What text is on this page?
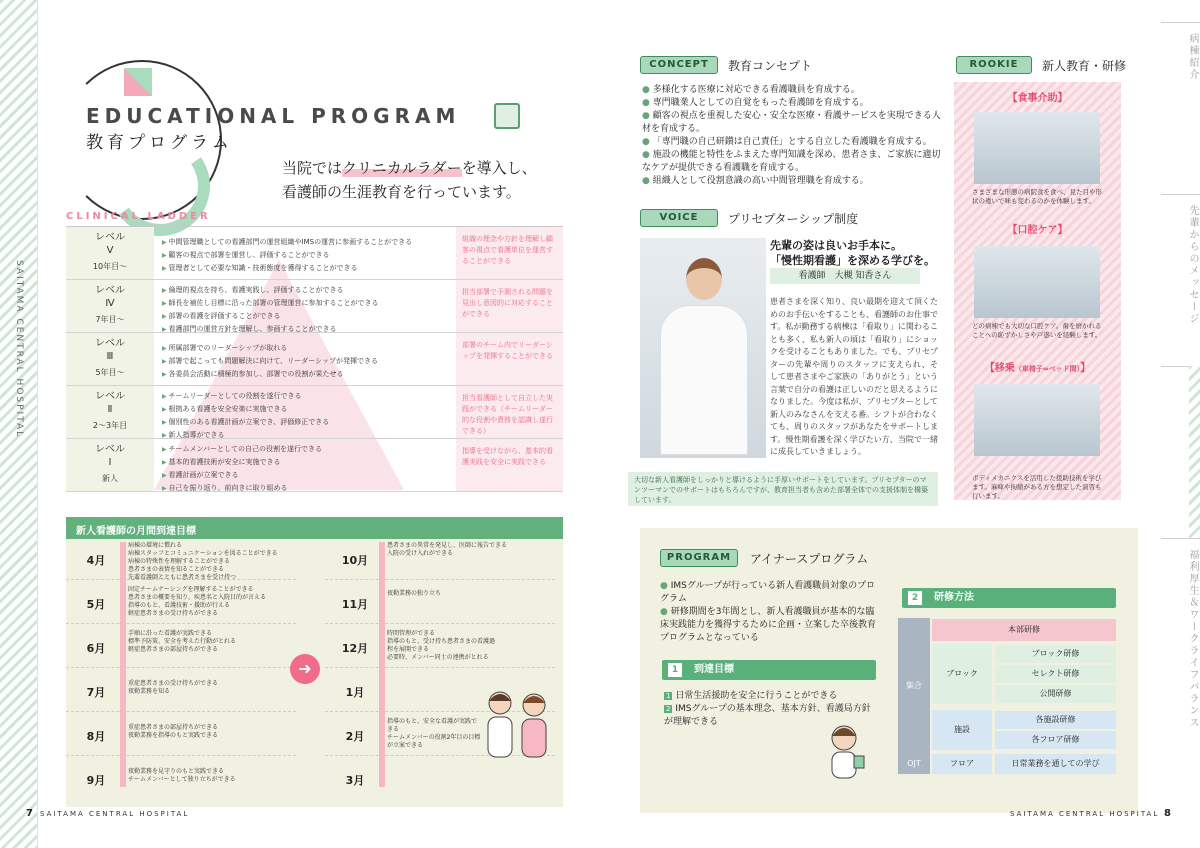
SAITAMA CENTRAL HOSPITAL
EDUCATIONAL PROGRAM
教育プログラム
当院ではクリニカルラダーを導入し、
看護師の生涯教育を行っています。
CLINICAL LADDER
レベル
Ⅴ
10年目～
▶ 中間管理職としての看護部門の運営組織やIMSの運営に参画することができる
▶ 顧客の視点で部署を運営し、評価することができる
▶ 管理者として必要な知識・技術態度を獲得することができる
組織の理念や方針を理解し顧客の視点で看護単位を運営することができる
レベル
Ⅳ
7年目～
▶ 倫理的視点を持ち、看護実践し、評価することができる
▶ 師長を補佐し目標に沿った部署の管理運営に参加することができる
▶ 部署の看護を評価することができる
▶ 看護部門の運営方針を理解し、参画することができる
担当部署で予測される問題を見出し意図的に対応することができる
レベル
Ⅲ
5年目～
▶ 所属部署でのリーダーシップが取れる
▶ 部署で起こっても問題解決に向けて、リーダーシップが発揮できる
▶ 各委員会活動に積極的参加し、部署での役割が果たせる
部署のチーム内でリーダーシップを発揮することができる
レベル
Ⅱ
2～3年目
▶ チームリーダーとしての役割を遂行できる
▶ 根拠ある看護を安全安楽に実施できる
▶ 個別性のある看護計画が立案でき、評価修正できる
▶ 新人指導ができる
担当看護師として自立した実践ができる（チームリーダー的な役割や責務を認識し遂行できる）
レベル
Ⅰ
新人
▶ チームメンバーとしての自己の役割を遂行できる
▶ 基本的看護技術が安全に実施できる
▶ 看護計画が立案できる
▶ 自己を振り返り、前向きに取り組める
指導を受けながら、基本的看護実践を安全に実践できる
新人看護師の月間到達目標
4月
病棟の環境に慣れる
病棟スタッフとコミュニケーションを図ることができる
病棟の特殊性を理解することができる
患者さまの表情を知ることができる
先輩看護師とともに患者さまを受け持つ
5月
固定チームナーシングを理解することができる
患者さまの概要を知り、疾患名と入院目的が言える
指導のもと、看護技術・援助が行える
軽症患者さまの受け持ちができる
6月
手順に沿った看護が実践できる
標準予防策、安全を考えた行動がとれる
軽症患者さまの部屋持ちができる
7月
重症患者さまの受け持ちができる
夜勤業務を知る
8月
重症患者さまの部屋持ちができる
夜勤業務を指導のもと実践できる
9月
夜勤業務を見守りのもと実践できる
チームメンバーとして独り立ちができる
➜
10月
患者さまの異常を発見し、医師に報告できる
入院の受け入れができる
11月
夜勤業務の独り立ち
12月
時間管理ができる
指導のもと、受け持ち患者さまの看護過程を展開できる
必要時、メンバー同士の連携がとれる
1月
2月
指導のもと、安全な看護が実践できる
チームメンバーの役割2年目の目標が立案できる
3月
7 SAITAMA CENTRAL HOSPITAL
CONCEPT	教育コンセプト
● 多様化する医療に対応できる看護職員を育成する。
● 専門職業人としての自覚をもった看護師を育成する。
● 顧客の視点を重視した安心・安全な医療・看護サービスを実現できる人材を育成する。
● 「専門職の自己研鑚は自己責任」とする自立した看護職を育成する。
● 施設の機能と特性をふまえた専門知識を深め、患者さま、ご家族に適切なケアが提供できる看護職を育成する。
● 組織人として役割意識の高い中間管理職を育成する。
VOICE	プリセプターシップ制度
先輩の姿は良いお手本に。
「慢性期看護」を深める学びを。
看護師　大槻 知香さん
患者さまを深く知り、良い最期を迎えて頂くためのお手伝いをすることも、看護師のお仕事です。私が勤務する病棟は「看取り」に関わることも多く、私も新人の頃は「看取り」にショックを受けることもありました。でも、プリセプターの先輩や周りのスタッフに支えられ、そして患者さまやご家族の「ありがとう」という言葉で自分の看護は正しいのだと思えるようになりました。今度は私が、プリセプターとして新人のみなさんを支える番。シフトが合わなくても、周りのスタッフがあなたをサポートします。慢性期看護を深く学びたい方、当院で一緒に成長していきましょう。
大切な新人看護師をしっかりと導けるように手厚いサポートをしています。プリセプターのマンツーマンでのサポートはもちろんですが、教育担当者も含めた部署全体での支援体制を構築しています。
ROOKIE	新人教育・研修
【食事介助】
さまざまな形態の病院食を食べ、見た目や形状の違いで味も変わるのかを体験します。
【口腔ケア】
どの病棟でも大切な口腔ケア。歯を磨かれることへの恥ずかしさや戸惑いを経験します。
【移乗（車椅子⇔ベッド間）】
ボディメカニクスを活用した援助技術を学びます。麻痺や拘縮がある方を想定した演習も行います。
PROGRAM	アイナースプログラム
● IMSグループが行っている新人看護職員対象のプログラム
● 研修期間を3年間とし、新人看護職員が基本的な臨床実践能力を獲得するために企画・立案した卒後教育プログラムとなっている
1	到達目標
1 日常生活援助を安全に行うことができる
2 IMSグループの基本理念、基本方針、看護局方針が理解できる
2	研修方法
集合
本部研修
ブロック
ブロック研修
セレクト研修
公開研修
施設
各施設研修
各フロア研修
OJT	フロア	日常業務を通しての学び
SAITAMA CENTRAL HOSPITAL 8
病棟紹介
先輩からのメッセージ
福利厚生＆ワークライフバランス
